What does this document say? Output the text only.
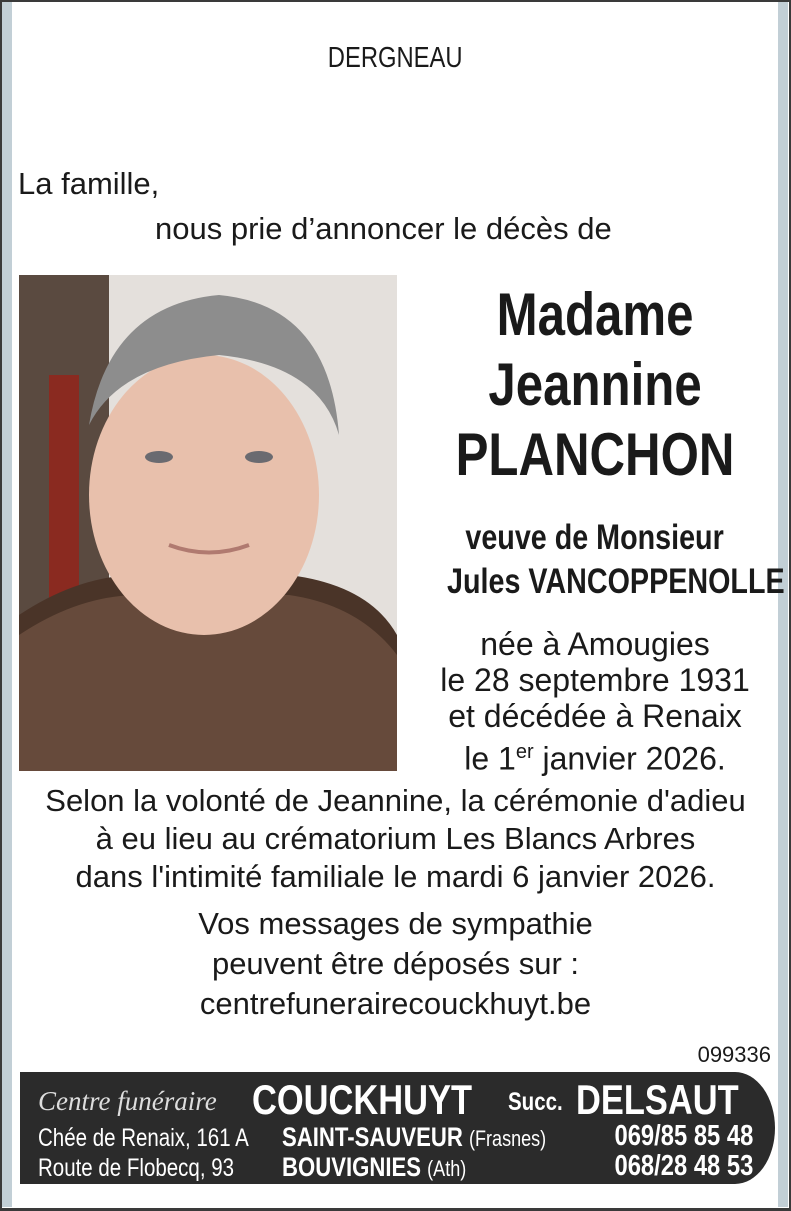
DERGNEAU
La famille,
nous prie d’annoncer le décès de
Madame
Jeannine
PLANCHON
veuve de Monsieur
Jules VANCOPPENOLLE
née à Amougies
le 28 septembre 1931
et décédée à Renaix
le 1er janvier 2026.
Selon la volonté de Jeannine, la cérémonie d'adieu
à eu lieu au crématorium Les Blancs Arbres
dans l'intimité familiale le mardi 6 janvier 2026.
Vos messages de sympathie
peuvent être déposés sur :
centrefunerairecouckhuyt.be
099336
Centre funéraire COUCKHUYT	Succ. DELSAUT
Chée de Renaix, 161 A	SAINT-SAUVEUR (Frasnes)	069/85 85 48
Route de Flobecq, 93	BOUVIGNIES (Ath)	068/28 48 53
